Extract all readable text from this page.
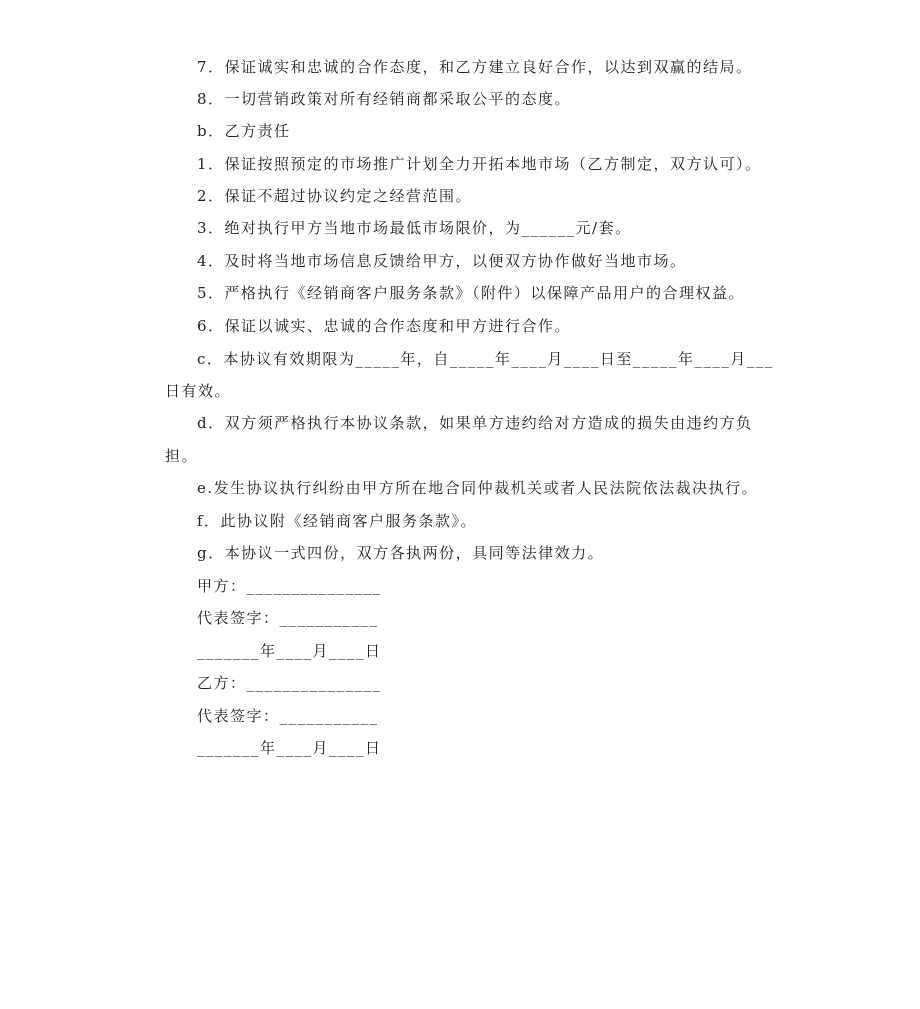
7．保证诚实和忠诚的合作态度，和乙方建立良好合作，以达到双赢的结局。
8．一切营销政策对所有经销商都采取公平的态度。
b．乙方责任
1．保证按照预定的市场推广计划全力开拓本地市场（乙方制定，双方认可）。
2．保证不超过协议约定之经营范围。
3．绝对执行甲方当地市场最低市场限价，为______元/套。
4．及时将当地市场信息反馈给甲方，以便双方协作做好当地市场。
5．严格执行《经销商客户服务条款》（附件）以保障产品用户的合理权益。
6．保证以诚实、忠诚的合作态度和甲方进行合作。
c．本协议有效期限为_____年，自_____年____月____日至_____年____月___
日有效。
d．双方须严格执行本协议条款，如果单方违约给对方造成的损失由违约方负
担。
e.发生协议执行纠纷由甲方所在地合同仲裁机关或者人民法院依法裁决执行。
f．此协议附《经销商客户服务条款》。
g．本协议一式四份，双方各执两份，具同等法律效力。
甲方：_______________
代表签字：___________
_______年____月____日
乙方：_______________
代表签字：___________
_______年____月____日
